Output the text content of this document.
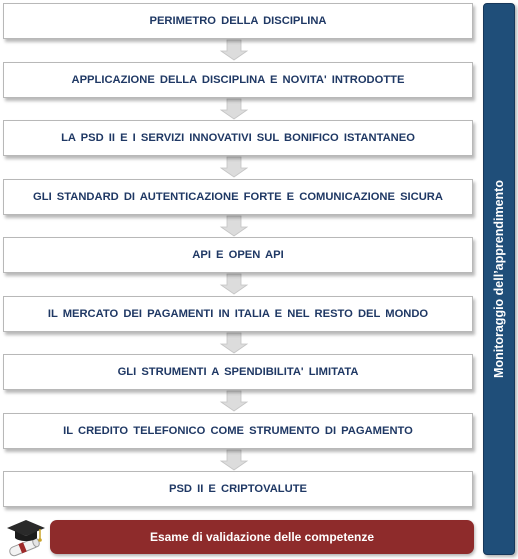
PERIMETRO DELLA DISCIPLINA
APPLICAZIONE DELLA DISCIPLINA E NOVITA' INTRODOTTE
LA PSD II E I SERVIZI INNOVATIVI SUL BONIFICO ISTANTANEO
GLI STANDARD DI AUTENTICAZIONE FORTE E COMUNICAZIONE SICURA
API E OPEN API
IL MERCATO DEI PAGAMENTI IN ITALIA E NEL RESTO DEL MONDO
GLI STRUMENTI A SPENDIBILITA' LIMITATA
IL CREDITO TELEFONICO COME STRUMENTO DI PAGAMENTO
PSD II E CRIPTOVALUTE
Monitoraggio dell’apprendimento
Esame di validazione delle competenze
